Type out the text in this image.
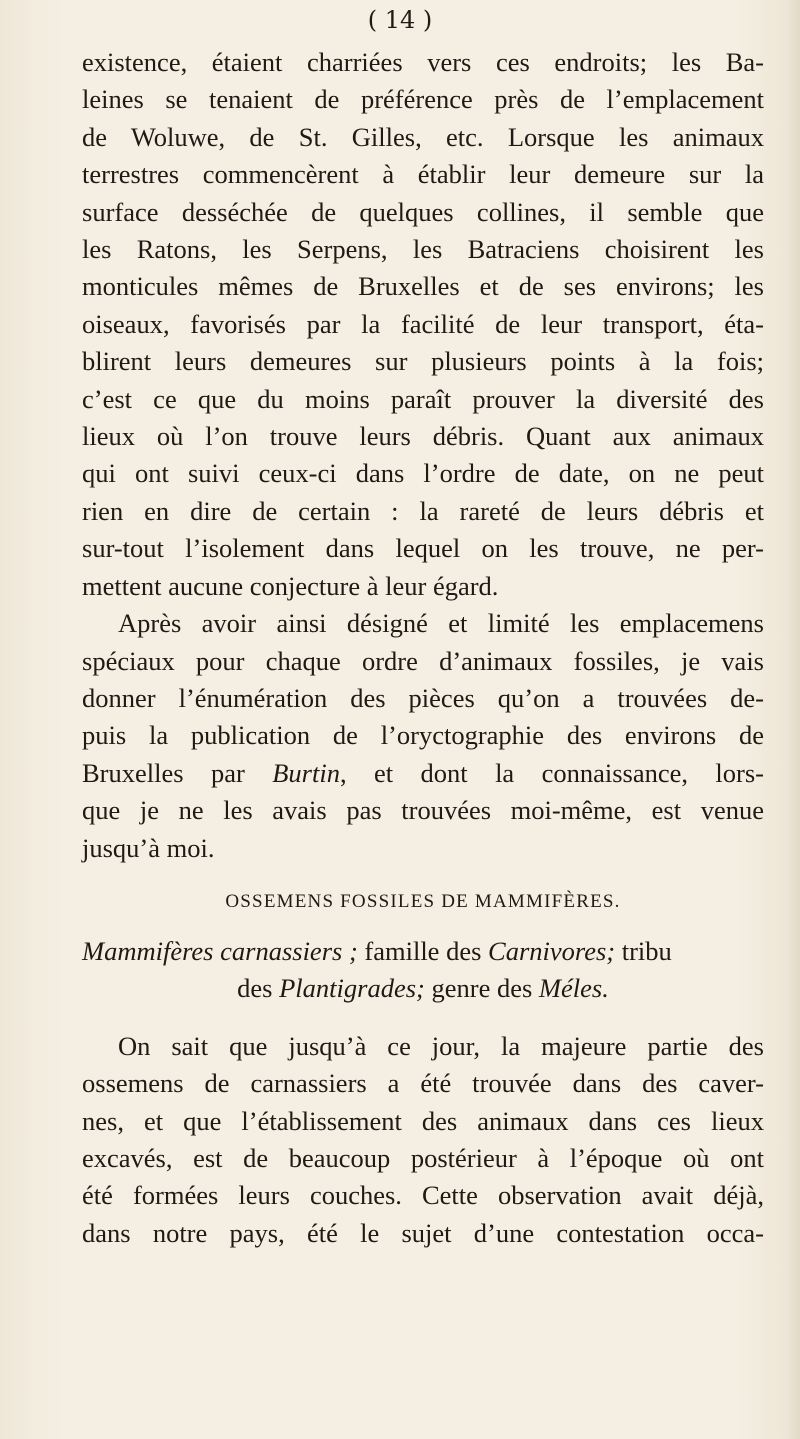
( 14 )
existence, étaient charriées vers ces endroits; les Ba-
leines se tenaient de préférence près de l’emplacement
de Woluwe, de St. Gilles, etc. Lorsque les animaux
terrestres commencèrent à établir leur demeure sur la
surface desséchée de quelques collines, il semble que
les Ratons, les Serpens, les Batraciens choisirent les
monticules mêmes de Bruxelles et de ses environs; les
oiseaux, favorisés par la facilité de leur transport, éta-
blirent leurs demeures sur plusieurs points à la fois;
c’est ce que du moins paraît prouver la diversité des
lieux où l’on trouve leurs débris. Quant aux animaux
qui ont suivi ceux-ci dans l’ordre de date, on ne peut
rien en dire de certain : la rareté de leurs débris et
sur-tout l’isolement dans lequel on les trouve, ne per-
mettent aucune conjecture à leur égard.
Après avoir ainsi désigné et limité les emplacemens
spéciaux pour chaque ordre d’animaux fossiles, je vais
donner l’énumération des pièces qu’on a trouvées de-
puis la publication de l’oryctographie des environs de
Bruxelles par Burtin, et dont la connaissance, lors-
que je ne les avais pas trouvées moi-même, est venue
jusqu’à moi.
OSSEMENS FOSSILES DE MAMMIFÈRES.
Mammifères carnassiers ; famille des Carnivores; tribu
des Plantigrades; genre des Méles.
On sait que jusqu’à ce jour, la majeure partie des
ossemens de carnassiers a été trouvée dans des caver-
nes, et que l’établissement des animaux dans ces lieux
excavés, est de beaucoup postérieur à l’époque où ont
été formées leurs couches. Cette observation avait déjà,
dans notre pays, été le sujet d’une contestation occa-
